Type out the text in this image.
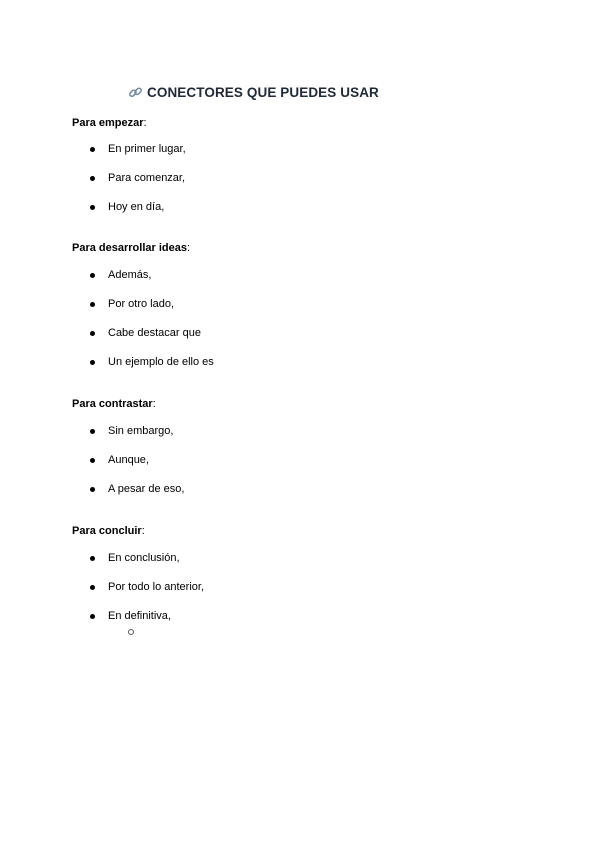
CONECTORES QUE PUEDES USAR
Para empezar:
En primer lugar,
Para comenzar,
Hoy en día,
Para desarrollar ideas:
Además,
Por otro lado,
Cabe destacar que
Un ejemplo de ello es
Para contrastar:
Sin embargo,
Aunque,
A pesar de eso,
Para concluir:
En conclusión,
Por todo lo anterior,
En definitiva,
